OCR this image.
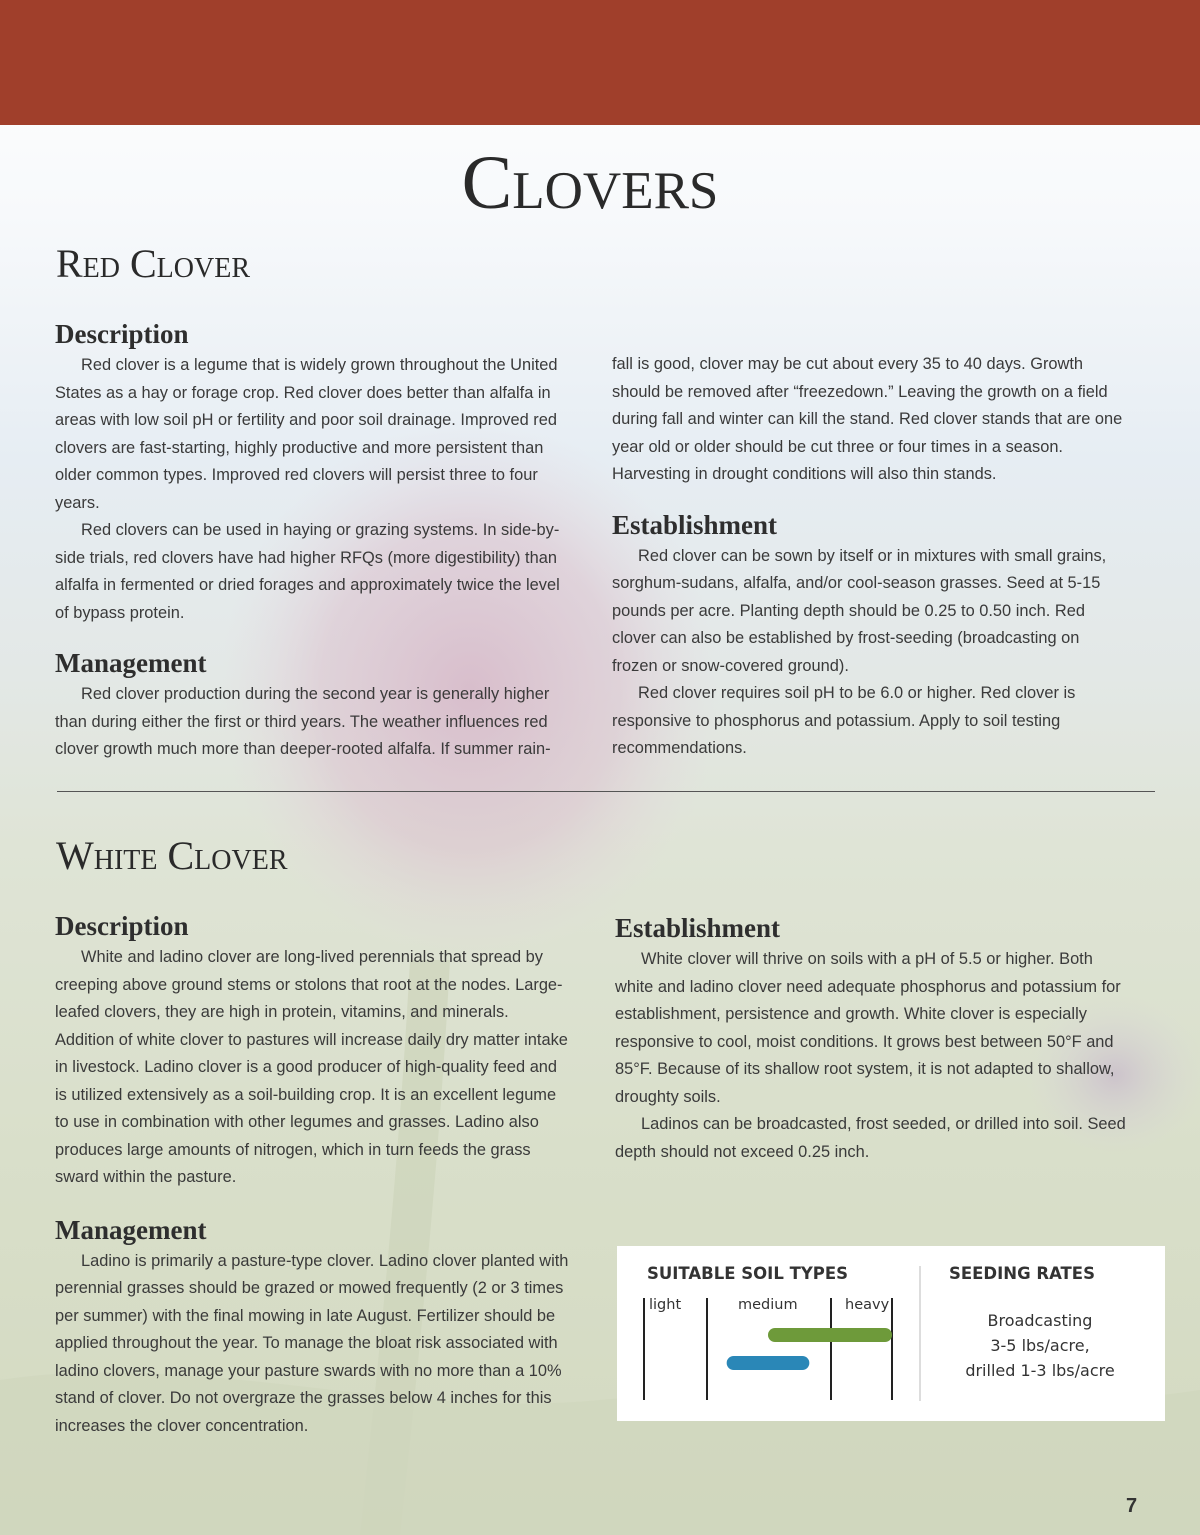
Clovers
Red Clover
Description

Red clover is a legume that is widely grown throughout the United States as a hay or forage crop. Red clover does better than alfalfa in areas with low soil pH or fertility and poor soil drainage. Improved red clovers are fast-starting, highly productive and more persistent than older common types. Improved red clovers will persist three to four years.

Red clovers can be used in haying or grazing systems. In side-by-side trials, red clovers have had higher RFQs (more digestibility) than alfalfa in fermented or dried forages and approximately twice the level of bypass protein.

Management

Red clover production during the second year is generally higher than during either the first or third years. The weather influences red clover growth much more than deeper-rooted alfalfa. If summer rain-

fall is good, clover may be cut about every 35 to 40 days. Growth should be removed after “freezedown.” Leaving the growth on a field during fall and winter can kill the stand. Red clover stands that are one year old or older should be cut three or four times in a season. Harvesting in drought conditions will also thin stands.

Establishment

Red clover can be sown by itself or in mixtures with small grains, sorghum-sudans, alfalfa, and/or cool-season grasses. Seed at 5-15 pounds per acre. Planting depth should be 0.25 to 0.50 inch. Red clover can also be established by frost-seeding (broadcasting on frozen or snow-covered ground).

Red clover requires soil pH to be 6.0 or higher. Red clover is responsive to phosphorus and potassium. Apply to soil testing recommendations.

White Clover
Description

White and ladino clover are long-lived perennials that spread by creeping above ground stems or stolons that root at the nodes. Large-leafed clovers, they are high in protein, vitamins, and minerals. Addition of white clover to pastures will increase daily dry matter intake in livestock. Ladino clover is a good producer of high-quality feed and is utilized extensively as a soil-building crop. It is an excellent legume to use in combination with other legumes and grasses. Ladino also produces large amounts of nitrogen, which in turn feeds the grass sward within the pasture.

Management

Ladino is primarily a pasture-type clover. Ladino clover planted with perennial grasses should be grazed or mowed frequently (2 or 3 times per summer) with the final mowing in late August. Fertilizer should be applied throughout the year. To manage the bloat risk associated with ladino clovers, manage your pasture swards with no more than a 10% stand of clover. Do not overgraze the grasses below 4 inches for this increases the clover concentration.

Establishment

White clover will thrive on soils with a pH of 5.5 or higher. Both white and ladino clover need adequate phosphorus and potassium for establishment, persistence and growth. White clover is especially responsive to cool, moist conditions. It grows best between 50°F and 85°F. Because of its shallow root system, it is not adapted to shallow, droughty soils.

Ladinos can be broadcasted, frost seeded, or drilled into soil. Seed depth should not exceed 0.25 inch.

SUITABLE SOIL TYPES	SEEDING RATES
light	medium	heavy
Broadcasting
3-5 lbs/acre,
drilled 1-3 lbs/acre
7
